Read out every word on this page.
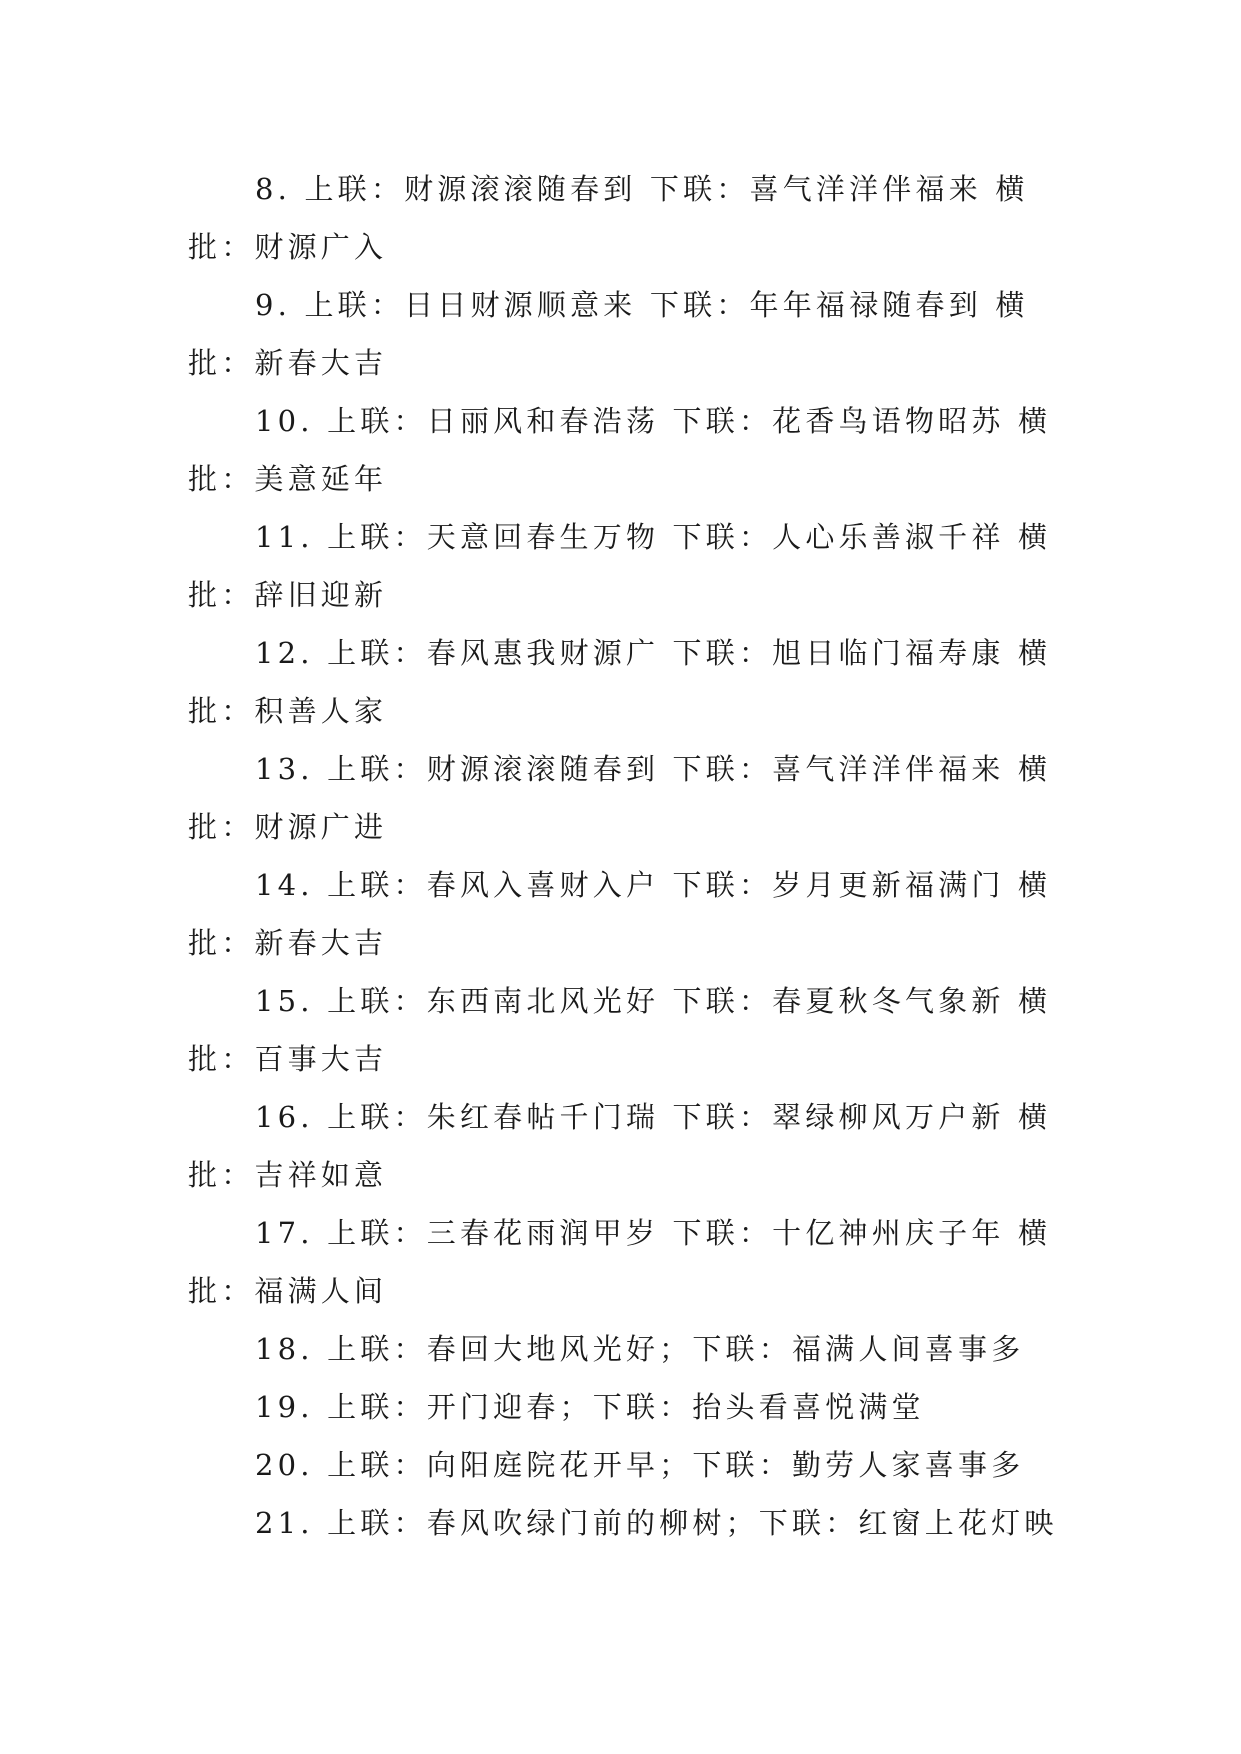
8. 上联：财源滚滚随春到 下联：喜气洋洋伴福来 横
批：财源广入
9. 上联：日日财源顺意来 下联：年年福禄随春到 横
批：新春大吉
10. 上联：日丽风和春浩荡 下联：花香鸟语物昭苏 横
批：美意延年
11. 上联：天意回春生万物 下联：人心乐善淑千祥 横
批：辞旧迎新
12. 上联：春风惠我财源广 下联：旭日临门福寿康 横
批：积善人家
13. 上联：财源滚滚随春到 下联：喜气洋洋伴福来 横
批：财源广进
14. 上联：春风入喜财入户 下联：岁月更新福满门 横
批：新春大吉
15. 上联：东西南北风光好 下联：春夏秋冬气象新 横
批：百事大吉
16. 上联：朱红春帖千门瑞 下联：翠绿柳风万户新 横
批：吉祥如意
17. 上联：三春花雨润甲岁 下联：十亿神州庆子年 横
批：福满人间
18. 上联：春回大地风光好；下联：福满人间喜事多
19. 上联：开门迎春；下联：抬头看喜悦满堂
20. 上联：向阳庭院花开早；下联：勤劳人家喜事多
21. 上联：春风吹绿门前的柳树；下联：红窗上花灯映
